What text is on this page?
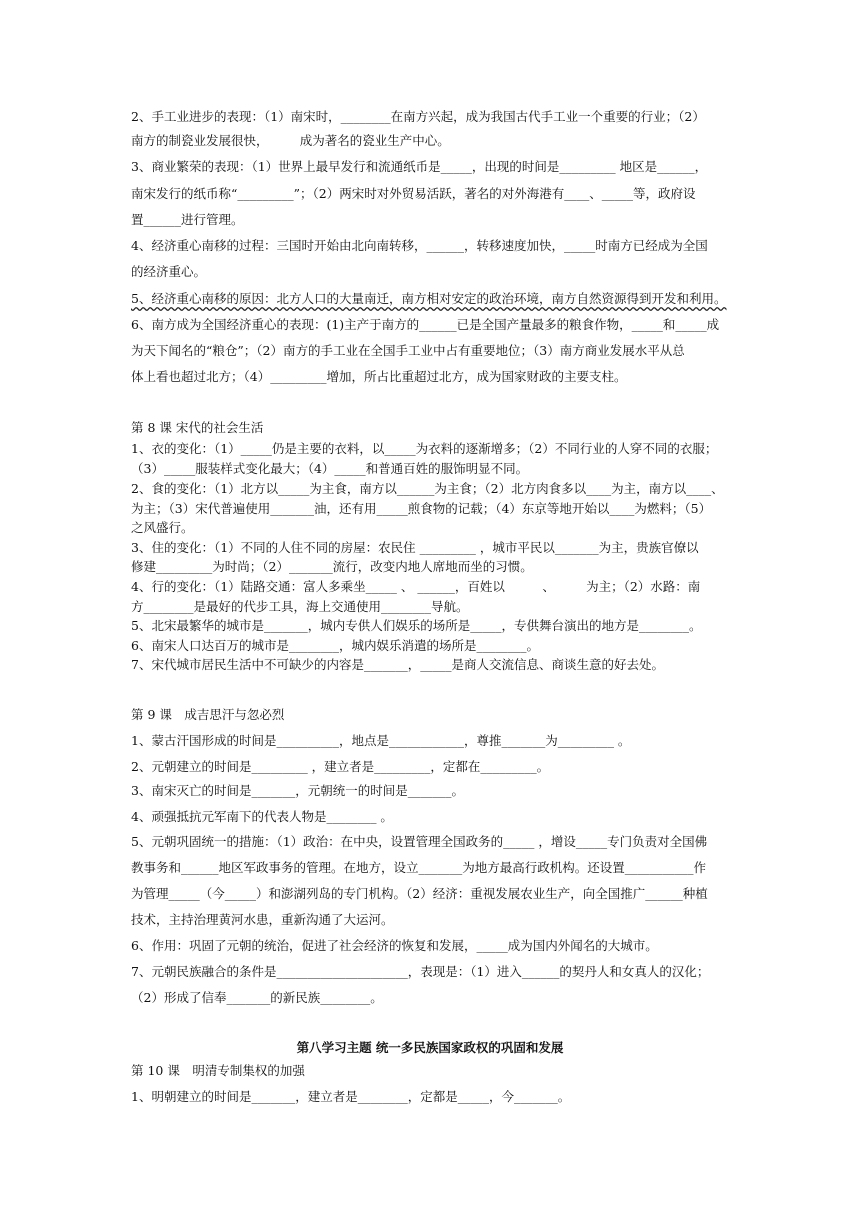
2、手工业进步的表现：（1）南宋时，________在南方兴起，成为我国古代手工业一个重要的行业；（2）
南方的制瓷业发展很快，　　　成为著名的瓷业生产中心。
3、商业繁荣的表现：（1）世界上最早发行和流通纸币是_____，出现的时间是_________ 地区是______，
南宋发行的纸币称“_________”；（2）两宋时对外贸易活跃，著名的对外海港有____、_____等，政府设
置______进行管理。
4、经济重心南移的过程：三国时开始由北向南转移，______，转移速度加快，_____时南方已经成为全国
的经济重心。
5、经济重心南移的原因：北方人口的大量南迁，南方相对安定的政治环境，南方自然资源得到开发和利用。
6、南方成为全国经济重心的表现：(1)主产于南方的______已是全国产量最多的粮食作物，_____和_____成
为天下闻名的“粮仓”；（2）南方的手工业在全国手工业中占有重要地位；（3）南方商业发展水平从总
体上看也超过北方；（4）_________增加，所占比重超过北方，成为国家财政的主要支柱。
第 8 课 宋代的社会生活
1、衣的变化：（1）_____仍是主要的衣料，以_____为衣料的逐渐增多；（2）不同行业的人穿不同的衣服；
（3）_____服装样式变化最大；（4）_____和普通百姓的服饰明显不同。
2、食的变化：（1）北方以_____为主食，南方以______为主食；（2）北方肉食多以____为主，南方以____、
为主；（3）宋代普遍使用_______油，还有用_____煎食物的记载；（4）东京等地开始以____为燃料；（5）
之风盛行。
3、住的变化：（1）不同的人住不同的房屋：农民住 _________ ，城市平民以_______为主，贵族官僚以
修建_________为时尚；（2）_______流行，改变内地人席地而坐的习惯。
4、行的变化：（1）陆路交通：富人多乘坐_____ 、 ______，百姓以　　　、　　　为主；（2）水路：南
方________是最好的代步工具，海上交通使用________导航。
5、北宋最繁华的城市是_______，城内专供人们娱乐的场所是_____，专供舞台演出的地方是________。
6、南宋人口达百万的城市是________，城内娱乐消遣的场所是________。
7、宋代城市居民生活中不可缺少的内容是_______，_____是商人交流信息、商谈生意的好去处。
第 9 课　成吉思汗与忽必烈
1、蒙古汗国形成的时间是__________，地点是____________，尊推_______为_________ 。
2、元朝建立的时间是_________ ，建立者是_________，定都在_________。
3、南宋灭亡的时间是_______，元朝统一的时间是_______。
4、顽强抵抗元军南下的代表人物是________ 。
5、元朝巩固统一的措施：（1）政治：在中央，设置管理全国政务的_____ ，增设_____专门负责对全国佛
教事务和______地区军政事务的管理。在地方，设立_______为地方最高行政机构。还设置___________作
为管理_____（今_____）和澎湖列岛的专门机构。（2）经济：重视发展农业生产，向全国推广______种植
技术，主持治理黄河水患，重新沟通了大运河。
6、作用：巩固了元朝的统治，促进了社会经济的恢复和发展，_____成为国内外闻名的大城市。
7、元朝民族融合的条件是_____________________，表现是：（1）进入______的契丹人和女真人的汉化；
（2）形成了信奉_______的新民族________。
第八学习主题 统一多民族国家政权的巩固和发展
第 10 课　明清专制集权的加强
1、明朝建立的时间是_______，建立者是________，定都是_____，今_______。
